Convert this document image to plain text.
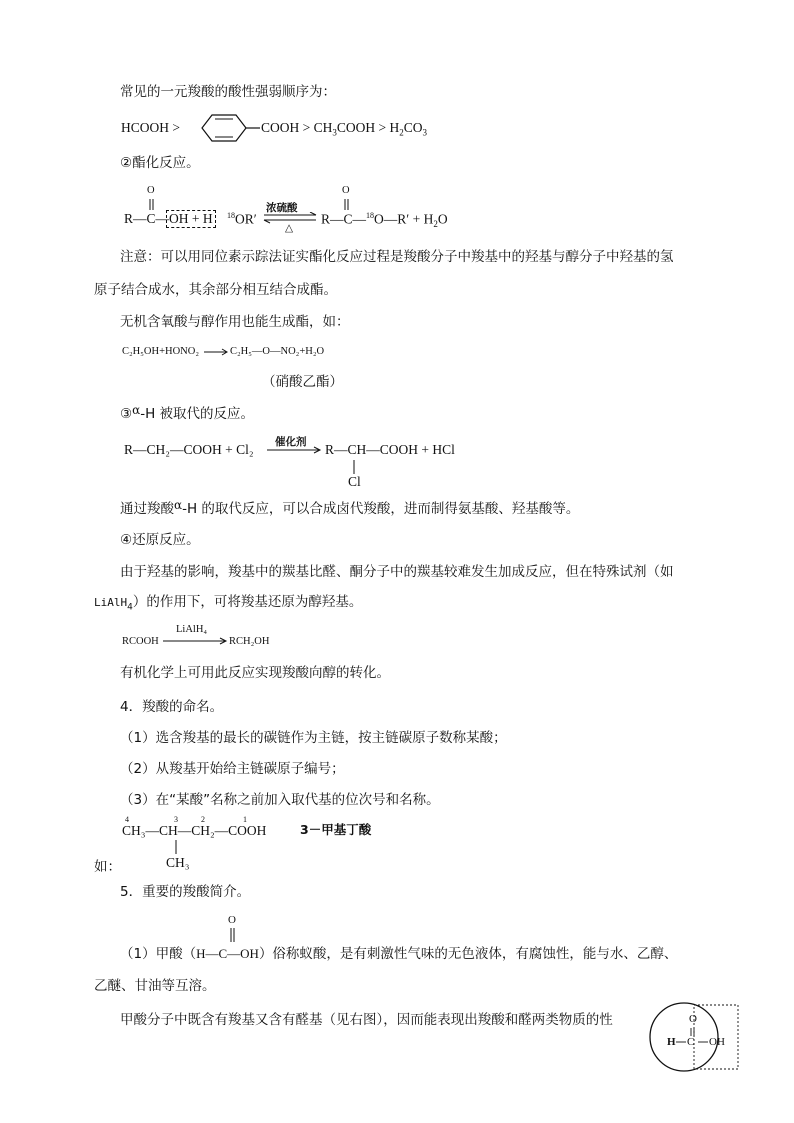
常见的一元羧酸的酸性强弱顺序为：
HCOOH >	COOH > $CH_3COOH > H_2CO_3$
②酯化反应。
O	O
R—C— OH + H	$^{18}$OR′
浓硫酸
△
R—C—$^{18}$O—R′ + $H_2O$
注意：可以用同位素示踪法证实酯化反应过程是羧酸分子中羧基中的羟基与醇分子中羟基的氢
原子结合成水，其余部分相互结合成酯。
无机含氧酸与醇作用也能生成酯，如：
C₂H₅OH+HONO₂	C₂H₅—O—NO₂+H₂O
（硝酸乙酯）
③α-H 被取代的反应。
R—CH₂—COOH + Cl₂ 催化剂 R—CH—COOH + HCl
Cl
通过羧酸α-H 的取代反应，可以合成卤代羧酸，进而制得氨基酸、羟基酸等。
④还原反应。
由于羟基的影响，羧基中的羰基比醛、酮分子中的羰基较难发生加成反应，但在特殊试剂（如
LiAlH$_4$）的作用下，可将羧基还原为醇羟基。
RCOOH
LiAlH₄
RCH₂OH
有机化学上可用此反应实现羧酸向醇的转化。
4．羧酸的命名。
（1）选含羧基的最长的碳链作为主链，按主链碳原子数称某酸；
（2）从羧基开始给主链碳原子编号；
（3）在“某酸”名称之前加入取代基的位次号和名称。
4	3	2	1
CH₃—CH—CH₂—COOH	3－甲基丁酸
CH₃
如：
5．重要的羧酸简介。
O
（1）甲酸（H—C—OH）俗称蚁酸，是有刺激性气味的无色液体，有腐蚀性，能与水、乙醇、
乙醚、甘油等互溶。
甲酸分子中既含有羧基又含有醛基（见右图），因而能表现出羧酸和醛两类物质的性	O
H C OH
